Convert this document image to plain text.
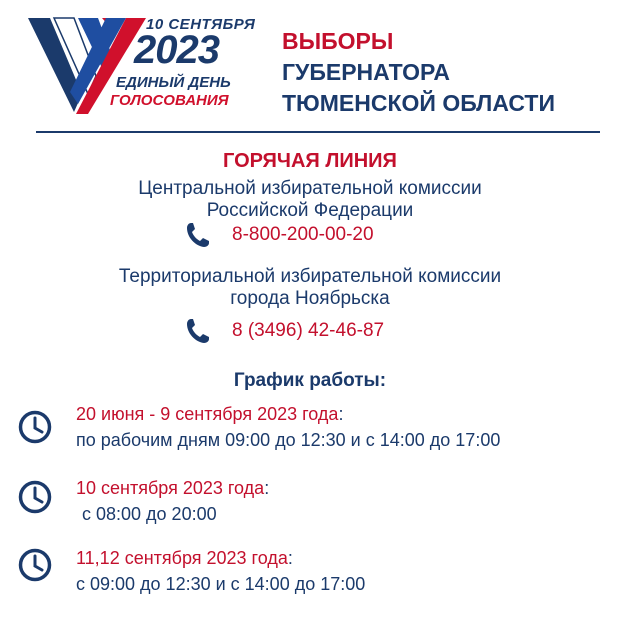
10 СЕНТЯБРЯ
2023
ЕДИНЫЙ ДЕНЬ
ГОЛОСОВАНИЯ
ВЫБОРЫ
ГУБЕРНАТОРА
ТЮМЕНСКОЙ ОБЛАСТИ
ГОРЯЧАЯ ЛИНИЯ
Центральной избирательной комиссии
Российской Федерации
8-800-200-00-20
Территориальной избирательной комиссии
города Ноябрьска
8 (3496) 42-46-87
График работы:
20 июня - 9 сентября 2023 года:
по рабочим дням 09:00 до 12:30 и с 14:00 до 17:00
10 сентября 2023 года:
с 08:00 до 20:00
11,12 сентября 2023 года:
с 09:00 до 12:30 и с 14:00 до 17:00
